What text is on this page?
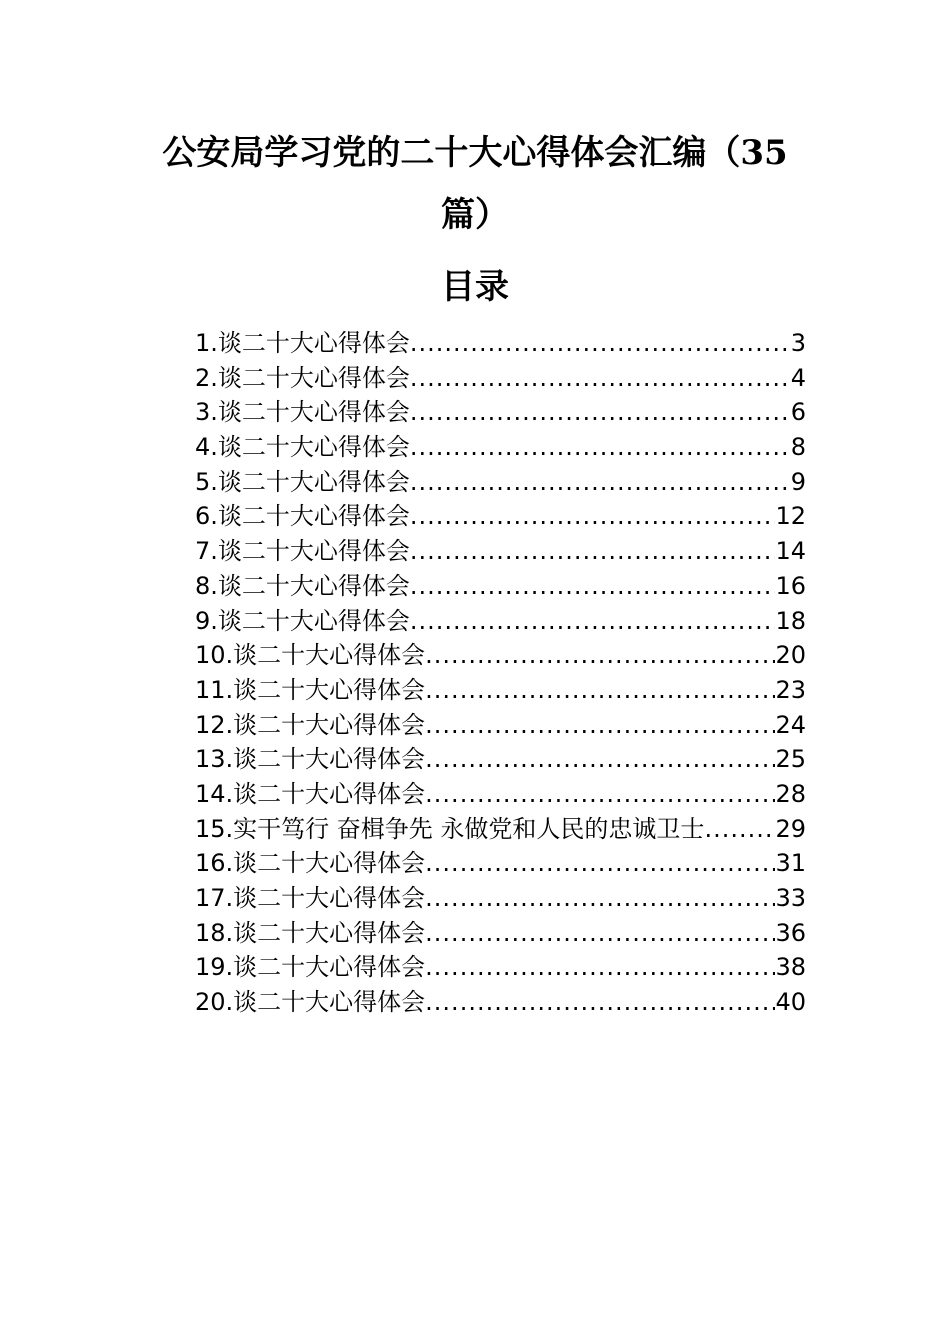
公安局学习党的二十大心得体会汇编（35篇）
目录
1.谈二十大心得体会 .....	3
2.谈二十大心得体会 .....	4
3.谈二十大心得体会 .....	6
4.谈二十大心得体会 .....	8
5.谈二十大心得体会 .....	9
6.谈二十大心得体会 .....	12
7.谈二十大心得体会 .....	14
8.谈二十大心得体会 .....	16
9.谈二十大心得体会 .....	18
10.谈二十大心得体会 .....	20
11.谈二十大心得体会 .....	23
12.谈二十大心得体会 .....	24
13.谈二十大心得体会 .....	25
14.谈二十大心得体会 .....	28
15.实干笃行 奋楫争先 永做党和人民的忠诚卫士 .....	29
16.谈二十大心得体会 .....	31
17.谈二十大心得体会 .....	33
18.谈二十大心得体会 .....	36
19.谈二十大心得体会 .....	38
20.谈二十大心得体会 .....	40
